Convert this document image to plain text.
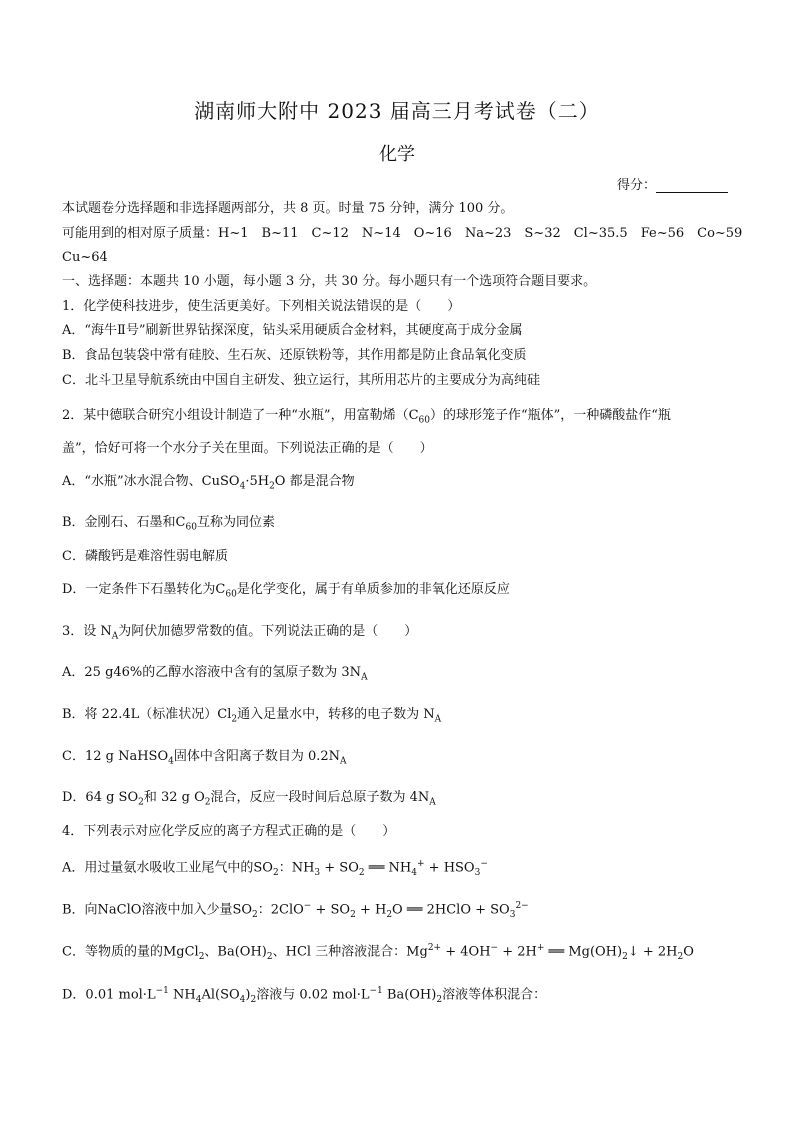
湖南师大附中 2023 届高三月考试卷（二）
化学
得分：
本试题卷分选择题和非选择题两部分，共 8 页。时量 75 分钟，满分 100 分。
可能用到的相对原子质量：H~1 B~11 C~12 N~14 O~16 Na~23 S~32 Cl~35.5 Fe~56 Co~59
Cu~64
一、选择题：本题共 10 小题，每小题 3 分，共 30 分。每小题只有一个选项符合题目要求。
1．化学使科技进步，使生活更美好。下列相关说法错误的是（　　）
A．“海牛Ⅱ号”刷新世界钻探深度，钻头采用硬质合金材料，其硬度高于成分金属
B．食品包装袋中常有硅胶、生石灰、还原铁粉等，其作用都是防止食品氧化变质
C．北斗卫星导航系统由中国自主研发、独立运行，其所用芯片的主要成分为高纯硅
2．某中德联合研究小组设计制造了一种“水瓶”，用富勒烯$(C_{60})$的球形笼子作“瓶体”，一种磷酸盐作“瓶
盖”，恰好可将一个水分子关在里面。下列说法正确的是（　　）
A．“水瓶”冰水混合物、$CuSO_4\cdot 5H_2O$ 都是混合物
B．金刚石、石墨和$C_{60}$互称为同位素
C．磷酸钙是难溶性弱电解质
D．一定条件下石墨转化为$C_{60}$是化学变化，属于有单质参加的非氧化还原反应
3．设 $N_A$为阿伏加德罗常数的值。下列说法正确的是（　　）
A．25 g46%的乙醇水溶液中含有的氢原子数为 $3N_A$
B．将 22.4L（标准状况）$Cl_2$通入足量水中，转移的电子数为 $N_A$
C．12 g NaHSO$_4$固体中含阳离子数目为 $0.2N_A$
D．64 g $SO_2$和 32 g $O_2$混合，反应一段时间后总原子数为 $4N_A$
4．下列表示对应化学反应的离子方程式正确的是（　　）
A．用过量氨水吸收工业尾气中的$SO_2$：$NH_3 + SO_2$ ══ $NH_4^+ + HSO_3^-$
B．向NaClO溶液中加入少量$SO_2$：$2ClO^- + SO_2 + H_2O$ ══ 2HClO + $SO_3^{2-}$
C．等物质的量的MgCl$_2$、$Ba(OH)_2$、HCl 三种溶液混合：$Mg^{2+} + 4OH^- + 2H^+$ ══ $Mg(OH)_2↓ + 2H_2O$
D．0.01 $mol\cdot L^{-1}$ $NH_4Al(SO_4)_2$溶液与 0.02 $mol\cdot L^{-1}$ $Ba(OH)_2$溶液等体积混合：
